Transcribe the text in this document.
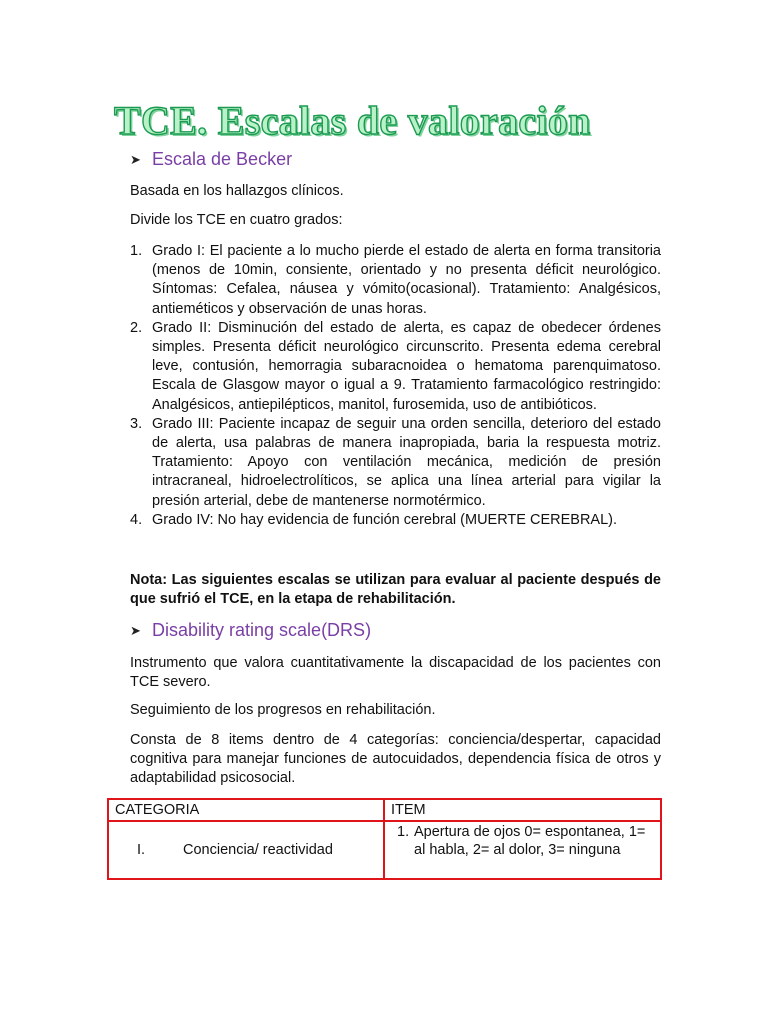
TCE. Escalas de valoración
➤ Escala de Becker

Basada en los hallazgos clínicos.

Divide los TCE en cuatro grados:

1. Grado I: El paciente a lo mucho pierde el estado de alerta en forma transitoria (menos de 10min, consiente, orientado y no presenta déficit neurológico. Síntomas: Cefalea, náusea y vómito(ocasional). Tratamiento: Analgésicos, antieméticos y observación de unas horas.
2. Grado II: Disminución del estado de alerta, es capaz de obedecer órdenes simples. Presenta déficit neurológico circunscrito. Presenta edema cerebral leve, contusión, hemorragia subaracnoidea o hematoma parenquimatoso. Escala de Glasgow mayor o igual a 9. Tratamiento farmacológico restringido: Analgésicos, antiepilépticos, manitol, furosemida, uso de antibióticos.
3. Grado III: Paciente incapaz de seguir una orden sencilla, deterioro del estado de alerta, usa palabras de manera inapropiada, baria la respuesta motriz. Tratamiento: Apoyo con ventilación mecánica, medición de presión intracraneal, hidroelectrolíticos, se aplica una línea arterial para vigilar la presión arterial, debe de mantenerse normotérmico.
4. Grado IV: No hay evidencia de función cerebral (MUERTE CEREBRAL).

Nota: Las siguientes escalas se utilizan para evaluar al paciente después de que sufrió el TCE, en la etapa de rehabilitación.

➤ Disability rating scale(DRS)

Instrumento que valora cuantitativamente la discapacidad de los pacientes con TCE severo.

Seguimiento de los progresos en rehabilitación.

Consta de 8 items dentro de 4 categorías: conciencia/despertar, capacidad cognitiva para manejar funciones de autocuidados, dependencia física de otros y adaptabilidad psicosocial.

CATEGORIA	ITEM

I. Conciencia/ reactividad	1. Apertura de ojos 0= espontanea, 1= al habla, 2= al dolor, 3= ninguna
